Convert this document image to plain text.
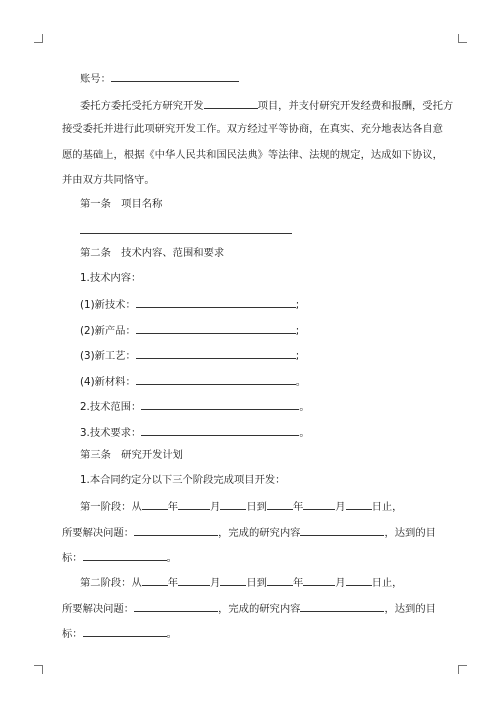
账号：
委托方委托受托方研究开发	项目，并支付研究开发经费和报酬，受托方
接受委托并进行此项研究开发工作。双方经过平等协商，在真实、充分地表达各自意
愿的基础上，根据《中华人民共和国民法典》等法律、法规的规定，达成如下协议，
并由双方共同恪守。
第一条　项目名称
第二条　技术内容、范围和要求
1.技术内容：
(1)新技术：	;
(2)新产品：	;
(3)新工艺：	;
(4)新材料：	。
2.技术范围：	。
3.技术要求：	。
第三条　研究开发计划
1.本合同约定分以下三个阶段完成项目开发：
第一阶段：从	年	月	日到	年	月	日止，
所要解决问题：	，完成的研究内容	，达到的目
标：	。
第二阶段：从	年	月	日到	年	月	日止，
所要解决问题：	，完成的研究内容	，达到的目
标：	。
